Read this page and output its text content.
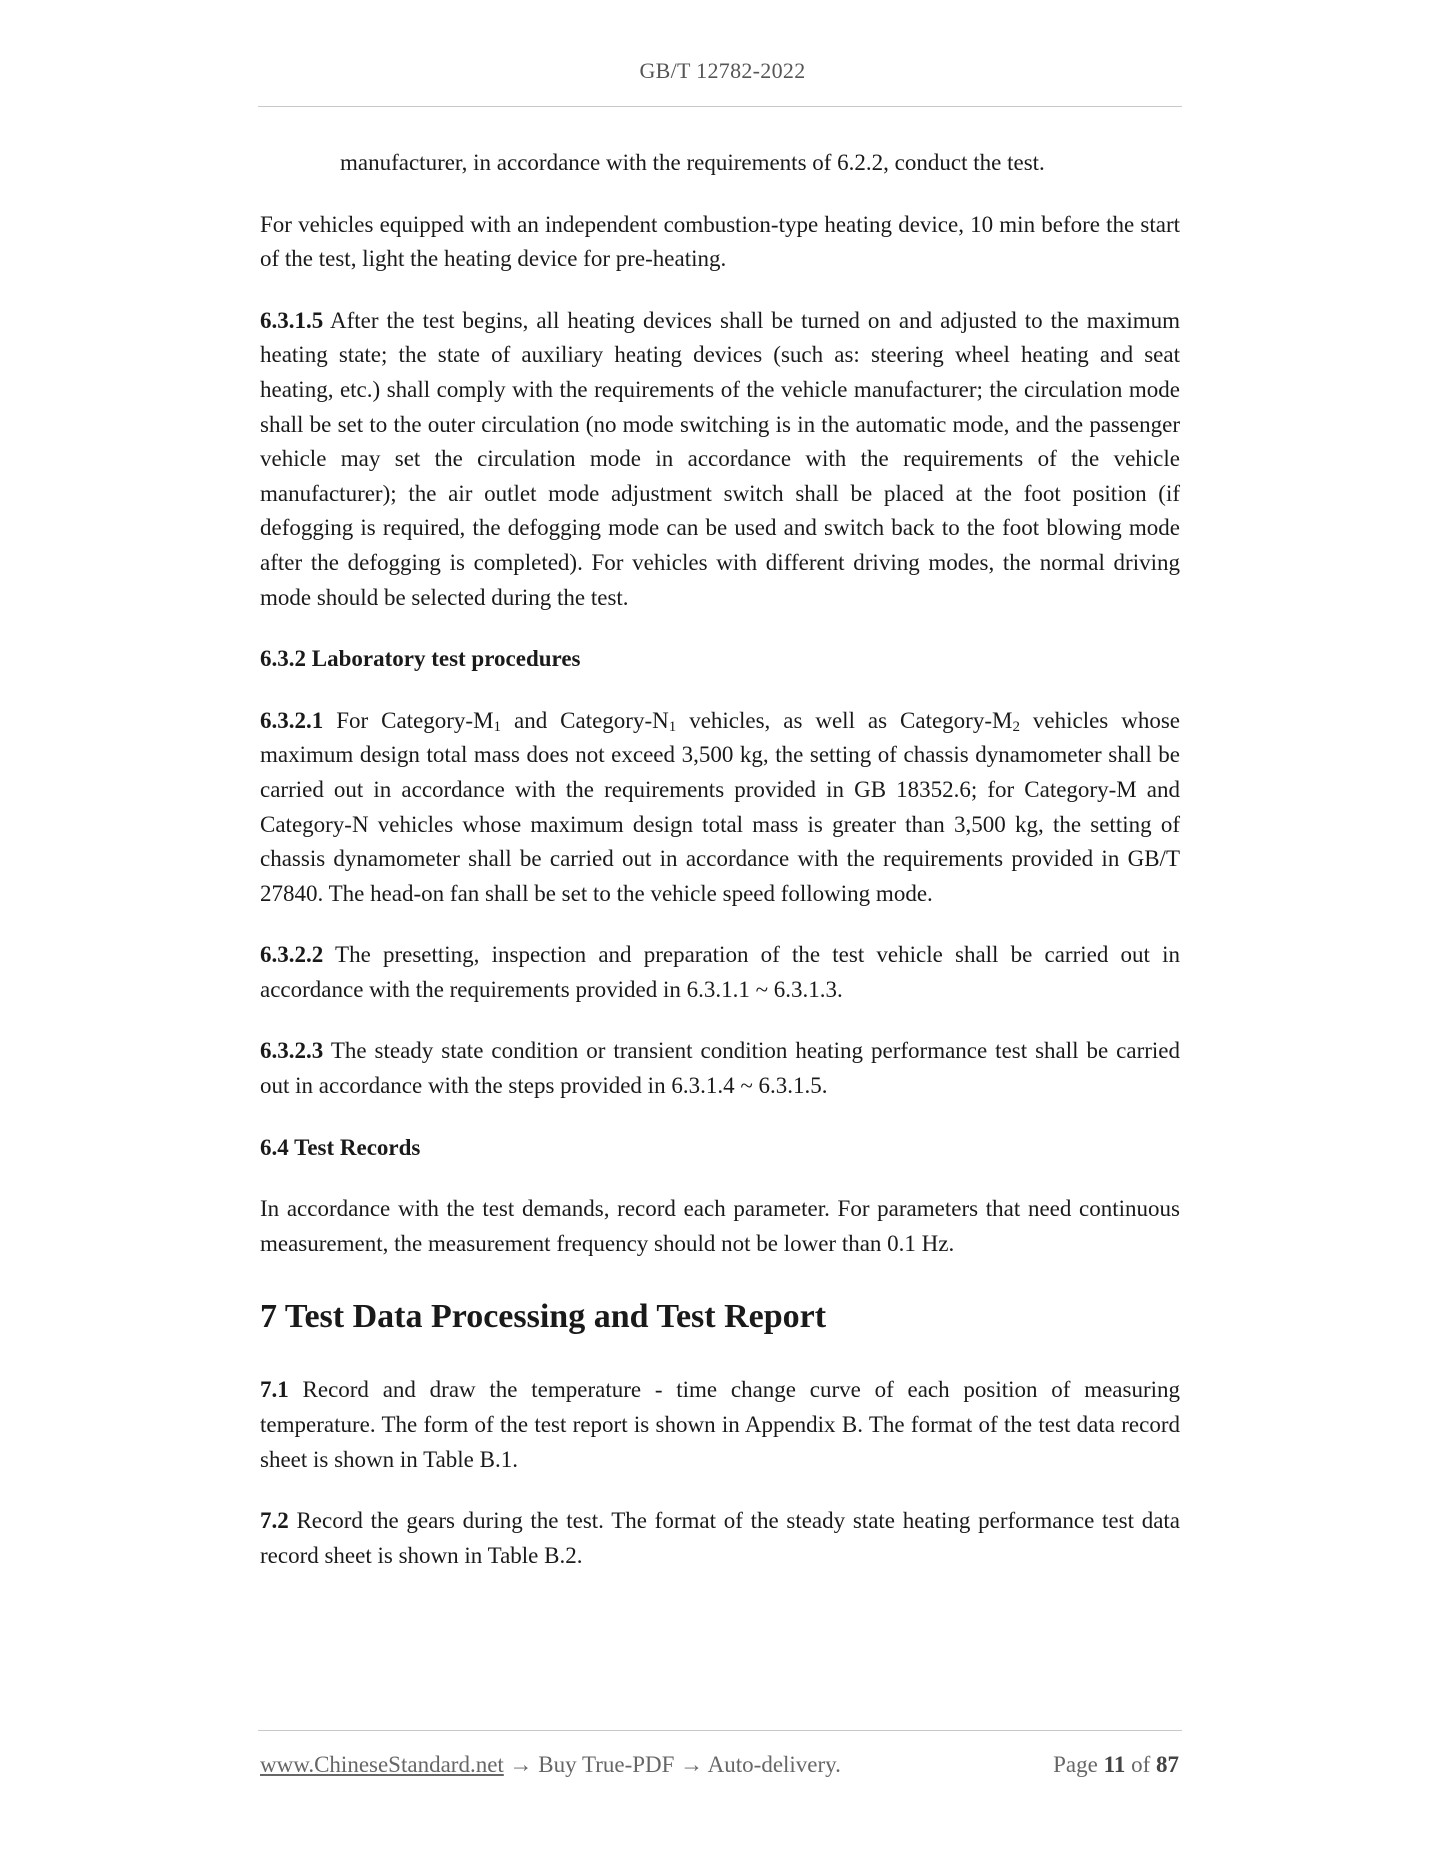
GB/T 12782-2022

manufacturer, in accordance with the requirements of 6.2.2, conduct the test.

For vehicles equipped with an independent combustion-type heating device, 10 min before the start of the test, light the heating device for pre-heating.

6.3.1.5 After the test begins, all heating devices shall be turned on and adjusted to the maximum heating state; the state of auxiliary heating devices (such as: steering wheel heating and seat heating, etc.) shall comply with the requirements of the vehicle manufacturer; the circulation mode shall be set to the outer circulation (no mode switching is in the automatic mode, and the passenger vehicle may set the circulation mode in accordance with the requirements of the vehicle manufacturer); the air outlet mode adjustment switch shall be placed at the foot position (if defogging is required, the defogging mode can be used and switch back to the foot blowing mode after the defogging is completed). For vehicles with different driving modes, the normal driving mode should be selected during the test.

6.3.2 Laboratory test procedures

6.3.2.1 For Category-$M_1$ and Category-$N_1$ vehicles, as well as Category-$M_2$ vehicles whose maximum design total mass does not exceed 3,500 kg, the setting of chassis dynamometer shall be carried out in accordance with the requirements provided in GB 18352.6; for Category-M and Category-N vehicles whose maximum design total mass is greater than 3,500 kg, the setting of chassis dynamometer shall be carried out in accordance with the requirements provided in GB/T 27840. The head-on fan shall be set to the vehicle speed following mode.

6.3.2.2 The presetting, inspection and preparation of the test vehicle shall be carried out in accordance with the requirements provided in 6.3.1.1 ~ 6.3.1.3.

6.3.2.3 The steady state condition or transient condition heating performance test shall be carried out in accordance with the steps provided in 6.3.1.4 ~ 6.3.1.5.

6.4 Test Records

In accordance with the test demands, record each parameter. For parameters that need continuous measurement, the measurement frequency should not be lower than 0.1 Hz.

7 Test Data Processing and Test Report

7.1 Record and draw the temperature - time change curve of each position of measuring temperature. The form of the test report is shown in Appendix B. The format of the test data record sheet is shown in Table B.1.

7.2 Record the gears during the test. The format of the steady state heating performance test data record sheet is shown in Table B.2.

www.ChineseStandard.net → Buy True-PDF → Auto-delivery.	Page 11 of 87
